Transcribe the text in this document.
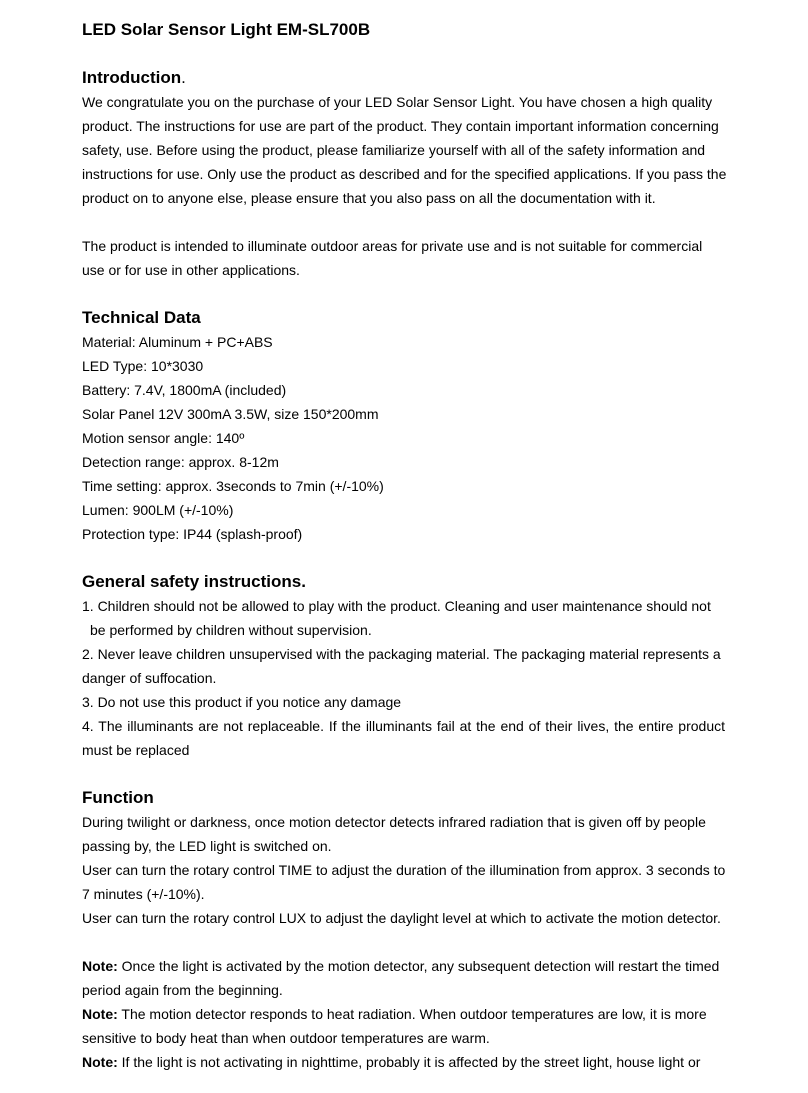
LED Solar Sensor Light EM-SL700B
Introduction.
We congratulate you on the purchase of your LED Solar Sensor Light. You have chosen a high quality
product. The instructions for use are part of the product. They contain important information concerning
safety, use. Before using the product, please familiarize yourself with all of the safety information and
instructions for use. Only use the product as described and for the specified applications. If you pass the
product on to anyone else, please ensure that you also pass on all the documentation with it.
The product is intended to illuminate outdoor areas for private use and is not suitable for commercial
use or for use in other applications.
Technical Data
Material: Aluminum + PC+ABS
LED Type: 10*3030
Battery: 7.4V, 1800mA (included)
Solar Panel 12V 300mA 3.5W, size 150*200mm
Motion sensor angle: 140º
Detection range: approx. 8-12m
Time setting: approx. 3seconds to 7min (+/-10%)
Lumen: 900LM (+/-10%)
Protection type: IP44 (splash-proof)
General safety instructions.
1. Children should not be allowed to play with the product. Cleaning and user maintenance should not
be performed by children without supervision.
2. Never leave children unsupervised with the packaging material. The packaging material represents a
danger of suffocation.
3. Do not use this product if you notice any damage
4. The illuminants are not replaceable. If the illuminants fail at the end of their lives, the entire product
must be replaced
Function
During twilight or darkness, once motion detector detects infrared radiation that is given off by people
passing by, the LED light is switched on.
User can turn the rotary control TIME to adjust the duration of the illumination from approx. 3 seconds to
7 minutes (+/-10%).
User can turn the rotary control LUX to adjust the daylight level at which to activate the motion detector.
Note: Once the light is activated by the motion detector, any subsequent detection will restart the timed
period again from the beginning.
Note: The motion detector responds to heat radiation. When outdoor temperatures are low, it is more
sensitive to body heat than when outdoor temperatures are warm.
Note: If the light is not activating in nighttime, probably it is affected by the street light, house light or
